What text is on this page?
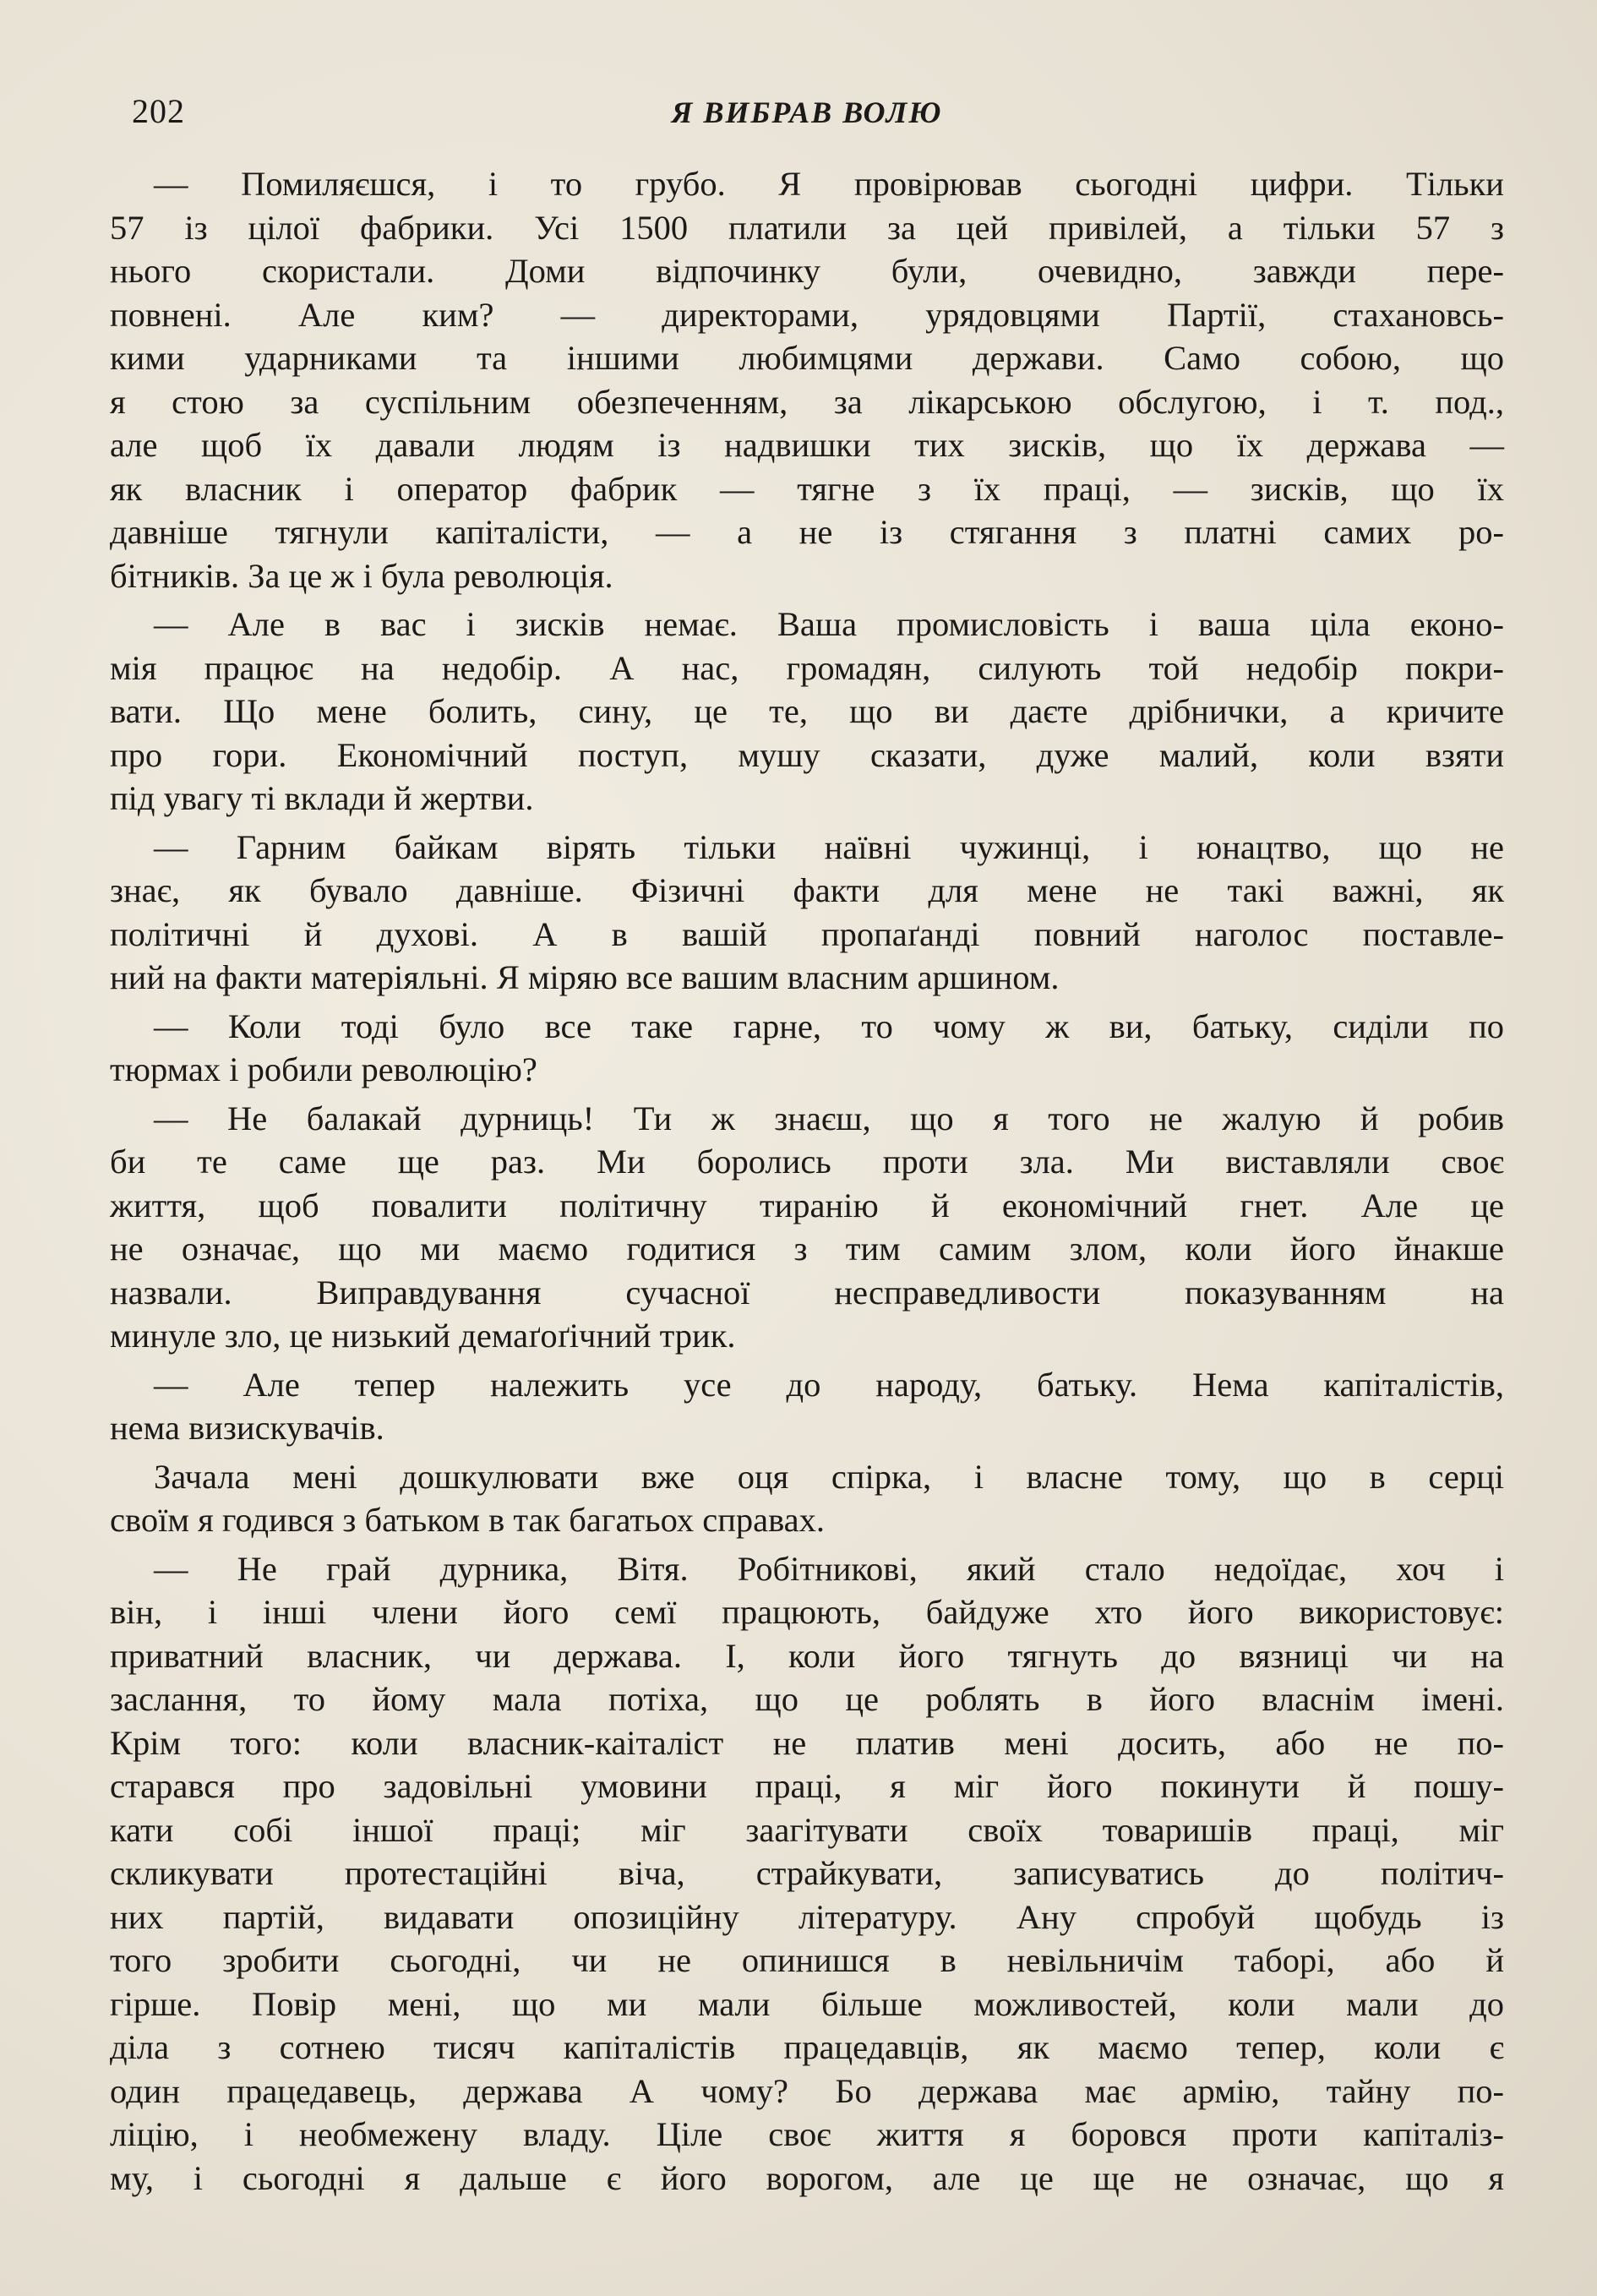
202	Я ВИБРАВ ВОЛЮ
— Помиляєшся, і то грубо. Я провірював сьогодні цифри. Тільки
57 із цілої фабрики. Усі 1500 платили за цей привілей, а тільки 57 з
нього скористали. Доми відпочинку були, очевидно, завжди пере-
повнені. Але ким? — директорами, урядовцями Партії, стахановсь-
кими ударниками та іншими любимцями держави. Само собою, що
я стою за суспільним обезпеченням, за лікарською обслугою, і т. под.,
але щоб їх давали людям із надвишки тих зисків, що їх держава —
як власник і оператор фабрик — тягне з їх праці, — зисків, що їх
давніше тягнули капіталісти, — а не із стягання з платні самих ро-
бітників. За це ж і була революція.
— Але в вас і зисків немає. Ваша промисловість і ваша ціла еконо-
мія працює на недобір. А нас, громадян, силують той недобір покри-
вати. Що мене болить, сину, це те, що ви даєте дрібнички, а кричите
про гори. Економічний поступ, мушу сказати, дуже малий, коли взяти
під увагу ті вклади й жертви.
— Гарним байкам вірять тільки наївні чужинці, і юнацтво, що не
знає, як бувало давніше. Фізичні факти для мене не такі важні, як
політичні й духові. А в вашій пропаґанді повний наголос поставле-
ний на факти матеріяльні. Я міряю все вашим власним аршином.
— Коли тоді було все таке гарне, то чому ж ви, батьку, сиділи по
тюрмах і робили революцію?
— Не балакай дурниць! Ти ж знаєш, що я того не жалую й робив
би те саме ще раз. Ми боролись проти зла. Ми виставляли своє
життя, щоб повалити політичну тиранію й економічний гнет. Але це
не означає, що ми маємо годитися з тим самим злом, коли його йнакше
назвали. Виправдування сучасної несправедливости показуванням на
минуле зло, це низький демаґоґічний трик.
— Але тепер належить усе до народу, батьку. Нема капіталістів,
нема визискувачів.
Зачала мені дошкулювати вже оця спірка, і власне тому, що в серці
своїм я годився з батьком в так багатьох справах.
— Не грай дурника, Вітя. Робітникові, який стало недоїдає, хоч і
він, і інші члени його семї працюють, байдуже хто його використовує:
приватний власник, чи держава. І, коли його тягнуть до вязниці чи на
заслання, то йому мала потіха, що це роблять в його власнім імені.
Крім того: коли власник-каіталіст не платив мені досить, або не по-
старався про задовільні умовини праці, я міг його покинути й пошу-
кати собі іншої праці; міг заагітувати своїх товаришів праці, міг
скликувати протестаційні віча, страйкувати, записуватись до політич-
них партій, видавати опозиційну літературу. Ану спробуй щобудь із
того зробити сьогодні, чи не опинишся в невільничім таборі, або й
гірше. Повір мені, що ми мали більше можливостей, коли мали до
діла з сотнею тисяч капіталістів працедавців, як маємо тепер, коли є
один працедавець, держава А чому? Бо держава має армію, тайну по-
ліцію, і необмежену владу. Ціле своє життя я боровся проти капіталіз-
му, і сьогодні я дальше є його ворогом, але це ще не означає, що я
